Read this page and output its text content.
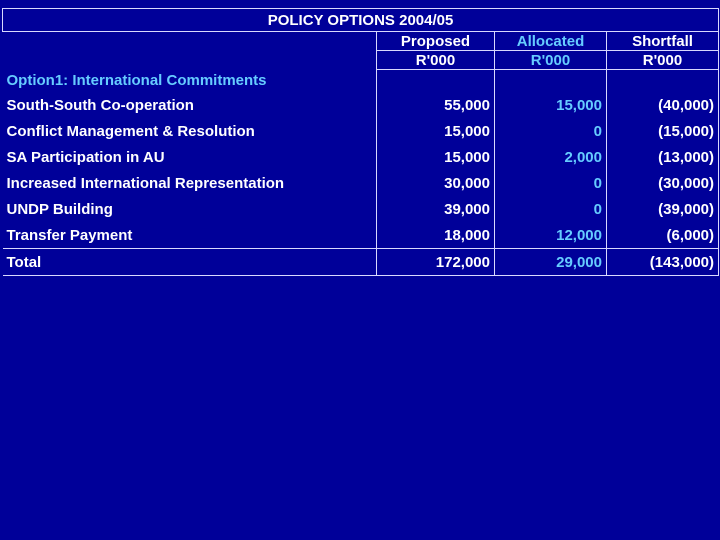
POLICY OPTIONS 2004/05			
	Proposed	Allocated	Shortfall
	R'000	R'000	R'000
Option1: International Commitments			
South-South Co-operation	55,000	15,000	(40,000)
Conflict Management & Resolution	15,000	0	(15,000)
SA Participation in AU	15,000	2,000	(13,000)
Increased International Representation	30,000	0	(30,000)
UNDP Building	39,000	0	(39,000)
Transfer Payment	18,000	12,000	(6,000)
Total	172,000	29,000	(143,000)
